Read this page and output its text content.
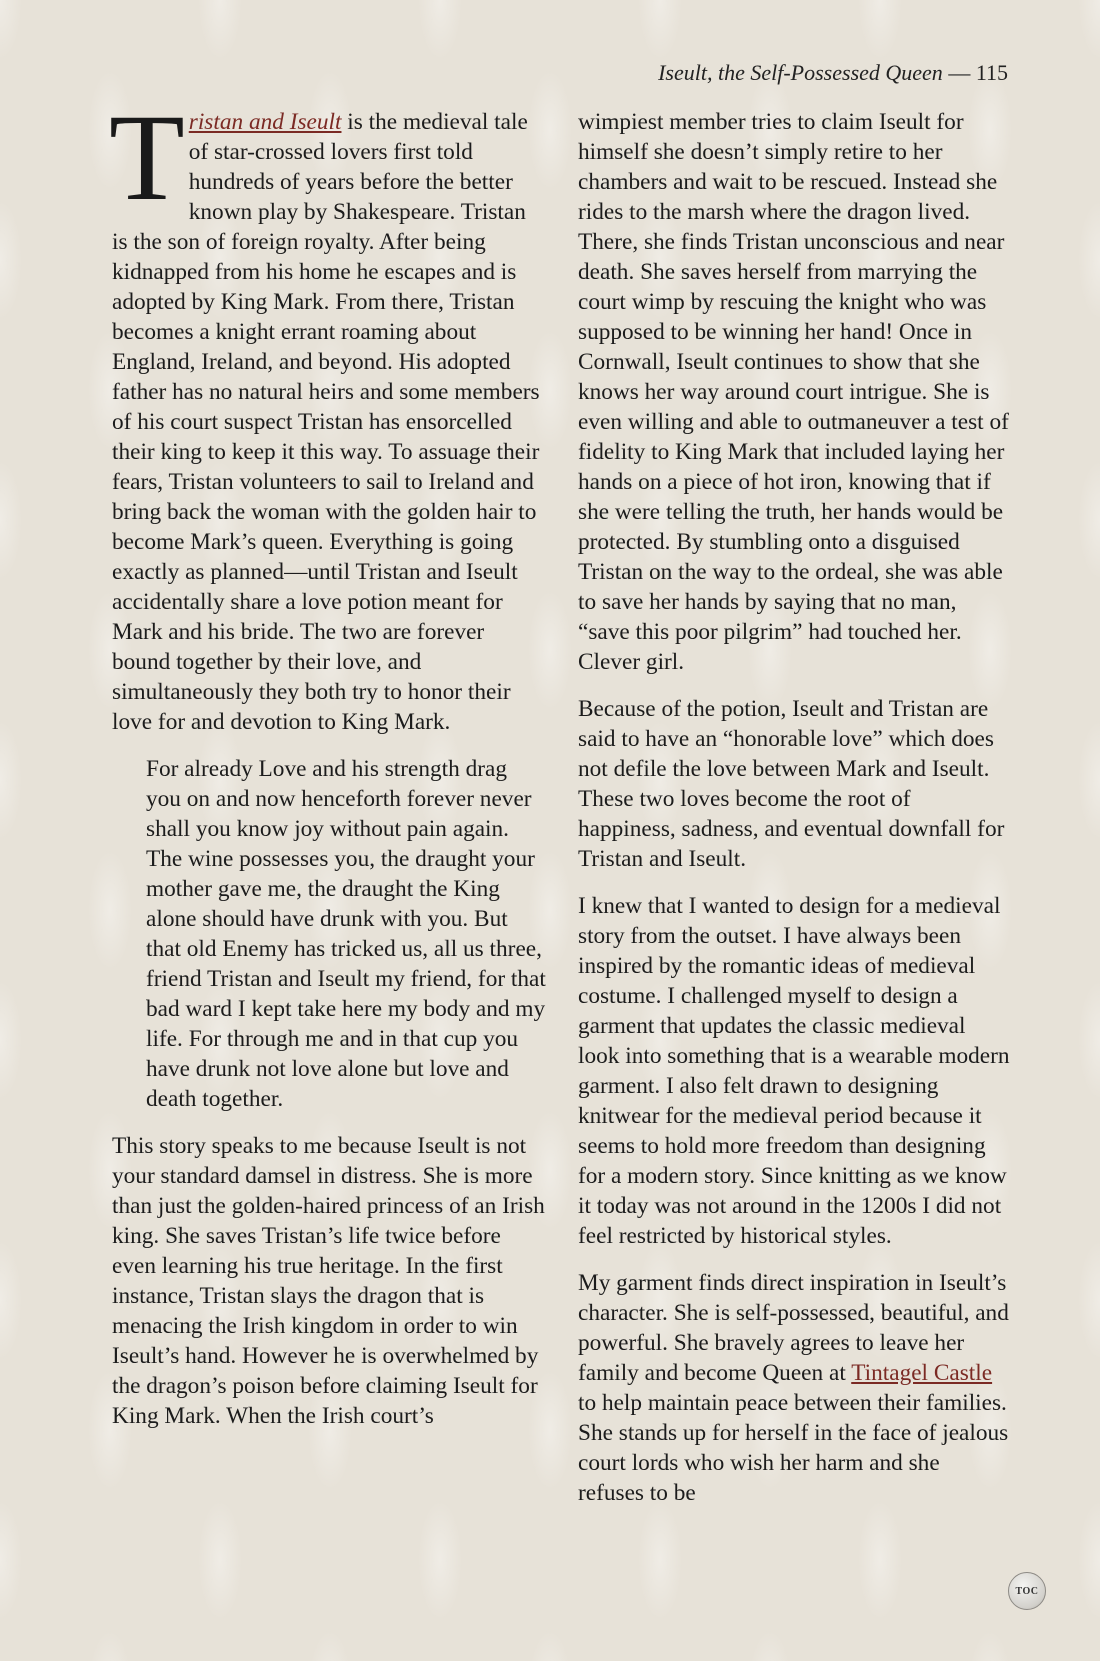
Iseult, the Self-Possessed Queen — 115

Tristan and Iseult is the medieval tale of star-crossed lovers first told hundreds of years before the better known play by Shakespeare. Tristan is the son of foreign royalty. After being kidnapped from his home he escapes and is adopted by King Mark. From there, Tristan becomes a knight errant roaming about England, Ireland, and beyond. His adopted father has no natural heirs and some members of his court suspect Tristan has ensorcelled their king to keep it this way. To assuage their fears, Tristan volunteers to sail to Ireland and bring back the woman with the golden hair to become Mark’s queen. Everything is going exactly as planned—until Tristan and Iseult accidentally share a love potion meant for Mark and his bride. The two are forever bound together by their love, and simultaneously they both try to honor their love for and devotion to King Mark.

For already Love and his strength drag you on and now henceforth forever never shall you know joy without pain again. The wine possesses you, the draught your mother gave me, the draught the King alone should have drunk with you. But that old Enemy has tricked us, all us three, friend Tristan and Iseult my friend, for that bad ward I kept take here my body and my life. For through me and in that cup you have drunk not love alone but love and death together.

This story speaks to me because Iseult is not your standard damsel in distress. She is more than just the golden-haired princess of an Irish king. She saves Tristan’s life twice before even learning his true heritage. In the first instance, Tristan slays the dragon that is menacing the Irish kingdom in order to win Iseult’s hand. However he is overwhelmed by the dragon’s poison before claiming Iseult for King Mark. When the Irish court’s

wimpiest member tries to claim Iseult for himself she doesn’t simply retire to her chambers and wait to be rescued. Instead she rides to the marsh where the dragon lived. There, she finds Tristan unconscious and near death. She saves herself from marrying the court wimp by rescuing the knight who was supposed to be winning her hand! Once in Cornwall, Iseult continues to show that she knows her way around court intrigue. She is even willing and able to outmaneuver a test of fidelity to King Mark that included laying her hands on a piece of hot iron, knowing that if she were telling the truth, her hands would be protected. By stumbling onto a disguised Tristan on the way to the ordeal, she was able to save her hands by saying that no man, “save this poor pilgrim” had touched her. Clever girl.

Because of the potion, Iseult and Tristan are said to have an “honorable love” which does not defile the love between Mark and Iseult. These two loves become the root of happiness, sadness, and eventual downfall for Tristan and Iseult.

I knew that I wanted to design for a medieval story from the outset. I have always been inspired by the romantic ideas of medieval costume. I challenged myself to design a garment that updates the classic medieval look into something that is a wearable modern garment. I also felt drawn to designing knitwear for the medieval period because it seems to hold more freedom than designing for a modern story. Since knitting as we know it today was not around in the 1200s I did not feel restricted by historical styles.

My garment finds direct inspiration in Iseult’s character. She is self-possessed, beautiful, and powerful. She bravely agrees to leave her family and become Queen at Tintagel Castle to help maintain peace between their families. She stands up for herself in the face of jealous court lords who wish her harm and she refuses to be

TOC
